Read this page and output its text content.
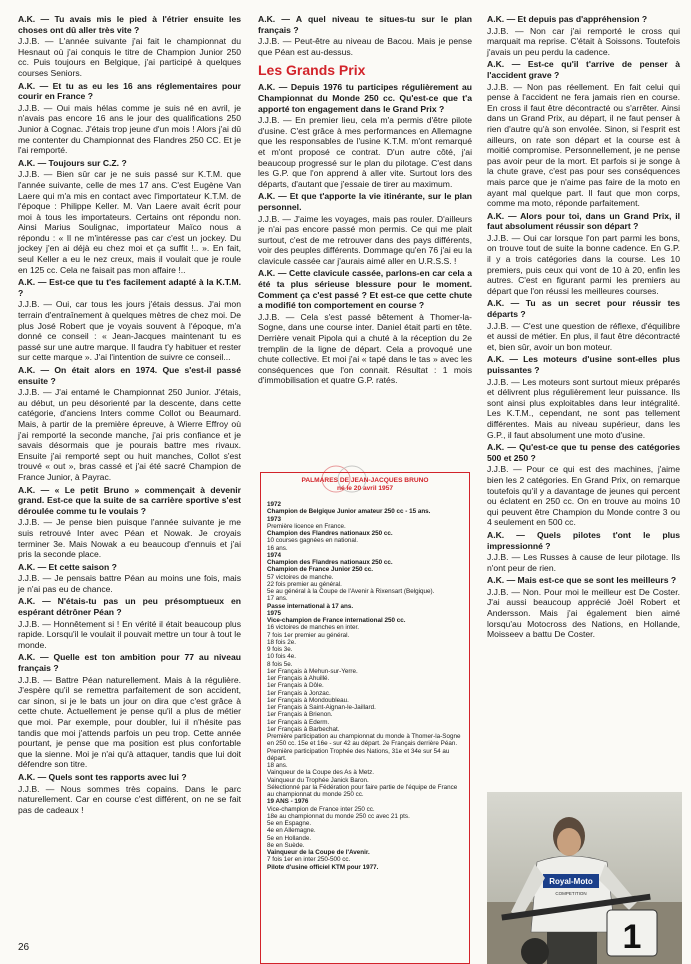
A.K. — Tu avais mis le pied à l'étrier ensuite les choses ont dû aller très vite ?

J.J.B. — L'année suivante j'ai fait le championnat du Hesnaut où j'ai conquis le titre de Champion Junior 250 cc. Puis toujours en Belgique, j'ai participé à quelques courses Seniors.

A.K. — Et tu as eu les 16 ans réglementaires pour courir en France ?

J.J.B. — Oui mais hélas comme je suis né en avril, je n'avais pas encore 16 ans le jour des qualifications 250 Junior à Cognac. J'étais trop jeune d'un mois ! Alors j'ai dû me contenter du Championnat des Flandres 250 CC. Et je l'ai remporté.

A.K. — Toujours sur C.Z. ?

J.J.B. — Bien sûr car je ne suis passé sur K.T.M. que l'année suivante, celle de mes 17 ans. C'est Eugène Van Laere qui m'a mis en contact avec l'importateur K.T.M. de l'époque : Philippe Keller. M. Van Laere avait écrit pour moi à tous les importateurs. Certains ont répondu non. Ainsi Marius Soulignac, importateur Maïco nous a répondu : « Il ne m'intéresse pas car c'est un jockey. Du jockey j'en ai déjà eu chez moi et ça suffit !.. ». En fait, seul Keller a eu le nez creux, mais il voulait que je roule en 125 cc. Cela ne faisait pas mon affaire !..

A.K. — Est-ce que tu t'es facilement adapté à la K.T.M. ?

J.J.B. — Oui, car tous les jours j'étais dessus. J'ai mon terrain d'entraînement à quelques mètres de chez moi. De plus José Robert que je voyais souvent à l'époque, m'a donné ce conseil : « Jean-Jacques maintenant tu es passé sur une autre marque. Il faudra t'y habituer et rester sur cette marque ». J'ai l'intention de suivre ce conseil...

A.K. — On était alors en 1974. Que s'est-il passé ensuite ?

J.J.B. — J'ai entamé le Championnat 250 Junior. J'étais, au début, un peu désorienté par la descente, dans cette catégorie, d'anciens Inters comme Collot ou Beaumard. Mais, à partir de la première épreuve, à Wierre Effroy où j'ai remporté la seconde manche, j'ai pris confiance et je savais désormais que je pourais battre mes rivaux. Ensuite j'ai remporté sept ou huit manches, Collot s'est trouvé « out », bras cassé et j'ai été sacré Champion de France Junior, à Payrac.

A.K. — « Le petit Bruno » commençait à devenir grand. Est-ce que la suite de sa carrière sportive s'est déroulée comme tu le voulais ?

J.J.B. — Je pense bien puisque l'année suivante je me suis retrouvé Inter avec Péan et Nowak. Je croyais terminer 3e. Mais Nowak a eu beaucoup d'ennuis et j'ai pris la seconde place.

A.K. — Et cette saison ?

J.J.B. — Je pensais battre Péan au moins une fois, mais je n'ai pas eu de chance.

A.K. — N'étais-tu pas un peu présomptueux en espérant détrôner Péan ?

J.J.B. — Honnêtement si ! En vérité il était beaucoup plus rapide. Lorsqu'il le voulait il pouvait mettre un tour à tout le monde.

A.K. — Quelle est ton ambition pour 77 au niveau français ?

J.J.B. — Battre Péan naturellement. Mais à la régulière. J'espère qu'il se remettra parfaitement de son accident, car sinon, si je le bats un jour on dira que c'est grâce à cette chute. Actuellement je pense qu'il a plus de métier que moi. Par exemple, pour doubler, lui il n'hésite pas tandis que moi j'attends parfois un peu trop. Cette année pourtant, je pense que ma position est plus confortable que la sienne. Moi je n'ai qu'à attaquer, tandis que lui doit défendre son titre.

A.K. — Quels sont tes rapports avec lui ?

J.J.B. — Nous sommes très copains. Dans le parc naturellement. Car en course c'est différent, on ne se fait pas de cadeaux !

A.K. — A quel niveau te situes-tu sur le plan français ?

J.J.B. — Peut-être au niveau de Bacou. Mais je pense que Péan est au-dessus.

Les Grands Prix

A.K. — Depuis 1976 tu participes régulièrement au Championnat du Monde 250 cc. Qu'est-ce que t'a apporté ton engagement dans le Grand Prix ?

J.J.B. — En premier lieu, cela m'a permis d'être pilote d'usine. C'est grâce à mes performances en Allemagne que les responsables de l'usine K.T.M. m'ont remarqué et m'ont proposé ce contrat. D'un autre côté, j'ai beaucoup progressé sur le plan du pilotage. C'est dans les G.P. que l'on apprend à aller vite. Surtout lors des départs, d'autant que j'essaie de tirer au maximum.

A.K. — Et que t'apporte la vie itinérante, sur le plan personnel.

J.J.B. — J'aime les voyages, mais pas rouler. D'ailleurs je n'ai pas encore passé mon permis. Ce qui me plait surtout, c'est de me retrouver dans des pays différents, voir des peuples différents. Dommage qu'en 76 j'ai eu la clavicule cassée car j'aurais aimé aller en U.R.S.S. !

A.K. — Cette clavicule cassée, parlons-en car cela a été ta plus sérieuse blessure pour le moment. Comment ça c'est passé ? Et est-ce que cette chute a modifié ton comportement en course ?

J.J.B. — Cela s'est passé bêtement à Thomer-la-Sogne, dans une course inter. Daniel était parti en tête. Derrière venait Pipola qui a chuté à la réception du 2e tremplin de la ligne de départ. Cela a provoqué une chute collective. Et moi j'ai « tapé dans le tas » avec les conséquences que l'on connait. Résultat : 1 mois d'immobilisation et quatre G.P. ratés.

A.K. — Et depuis pas d'appréhension ?

J.J.B. — Non car j'ai remporté le cross qui marquait ma reprise. C'était à Soissons. Toutefois j'avais un peu perdu la cadence.

A.K. — Est-ce qu'il t'arrive de penser à l'accident grave ?

J.J.B. — Non pas réellement. En fait celui qui pense à l'accident ne fera jamais rien en course. En cross il faut être décontracté ou s'arrêter. Ainsi dans un Grand Prix, au départ, il ne faut penser à rien d'autre qu'à son envolée. Sinon, si l'esprit est ailleurs, on rate son départ et la course est à moitié compromise. Personnellement, je ne pense pas avoir peur de la mort. Et parfois si je songe à la chute grave, c'est pas pour ses conséquences mais parce que je n'aime pas faire de la moto en ayant mal quelque part. Il faut que mon corps, comme ma moto, réponde parfaitement.

A.K. — Alors pour toi, dans un Grand Prix, il faut absolument réussir son départ ?

J.J.B. — Oui car lorsque l'on part parmi les bons, on trouve tout de suite la bonne cadence. En G.P. il y a trois catégories dans la course. Les 10 premiers, puis ceux qui vont de 10 à 20, enfin les autres. C'est en figurant parmi les premiers au départ que l'on réussi les meilleures courses.

A.K. — Tu as un secret pour réussir tes départs ?

J.J.B. — C'est une question de réflexe, d'équilibre et aussi de métier. En plus, il faut être décontracté et, bien sûr, avoir un bon moteur.

A.K. — Les moteurs d'usine sont-elles plus puissantes ?

J.J.B. — Les moteurs sont surtout mieux préparés et délivrent plus régulièrement leur puissance. Ils sont ainsi plus exploitables dans leur intégralité. Les K.T.M., cependant, ne sont pas tellement différentes. Mais au niveau supérieur, dans les G.P., il faut absolument une moto d'usine.

A.K. — Qu'est-ce que tu pense des catégories 500 et 250 ?

J.J.B. — Pour ce qui est des machines, j'aime bien les 2 catégories. En Grand Prix, on remarque toutefois qu'il y a davantage de jeunes qui percent ou éclatent en 250 cc. On en trouve au moins 10 qui peuvent être Champion du Monde contre 3 ou 4 seulement en 500 cc.

A.K. — Quels pilotes t'ont le plus impressionné ?

J.J.B. — Les Russes à cause de leur pilotage. Ils n'ont peur de rien.

A.K. — Mais est-ce que se sont les meilleurs ?

J.J.B. — Non. Pour moi le meilleur est De Coster. J'ai aussi beaucoup apprécié Joël Robert et Andersson. Mais j'ai également bien aimé lorsqu'au Motocross des Nations, en Hollande, Moisseev a battu De Coster.

PALMARES DE JEAN-JACQUES BRUNO
né le 20 avril 1957

1972

Champion de Belgique Junior amateur 250 cc - 15 ans.

1973

Première licence en France.

Champion des Flandres nationaux 250 cc.

10 courses gagnées en national.

16 ans.

1974

Champion des Flandres nationaux 250 cc.

Champion de France Junior 250 cc.

57 victoires de manche.

22 fois premier au général.

5e au général à la Coupe de l'Avenir à Rixensart (Belgique).

17 ans.

Passe international à 17 ans.

1975

Vice-champion de France international 250 cc.

16 victoires de manches en inter.

7 fois 1er premier au général.

18 fois 2e.

9 fois 3e.

10 fois 4e.

8 fois 5e.

1er Français à Mehun-sur-Yerre.

1er Français à Ahuillé.

1er Français à Dôle.

1er Français à Jonzac.

1er Français à Mondoubleau.

1er Français à Saint-Aignan-le-Jaillard.

1er Français à Brienon.

1er Français à Ederm.

1er Français à Barbechat.

Première participation au championnat du monde à Thomer-la-Sogne en 250 cc. 15e et 16e - sur 42 au départ. 2e Français derrière Péan.

Première participation Trophée des Nations, 31e et 34e sur 54 au départ.

18 ans.

Vainqueur de la Coupe des As à Metz.

Vainqueur du Trophée Janick Baron.

Sélectionné par la Fédération pour faire partie de l'équipe de France au championnat du monde 250 cc.

19 ANS - 1976

Vice-champion de France inter 250 cc.

18e au championnat du monde 250 cc avec 21 pts.

5e en Espagne.

4e en Allemagne.

5e en Hollande.

8e en Suède.

Vainqueur de la Coupe de l'Avenir.

7 fois 1er en inter 250-500 cc.

Pilote d'usine officiel KTM pour 1977.

Royal-Moto
COMPETITION
1
26
